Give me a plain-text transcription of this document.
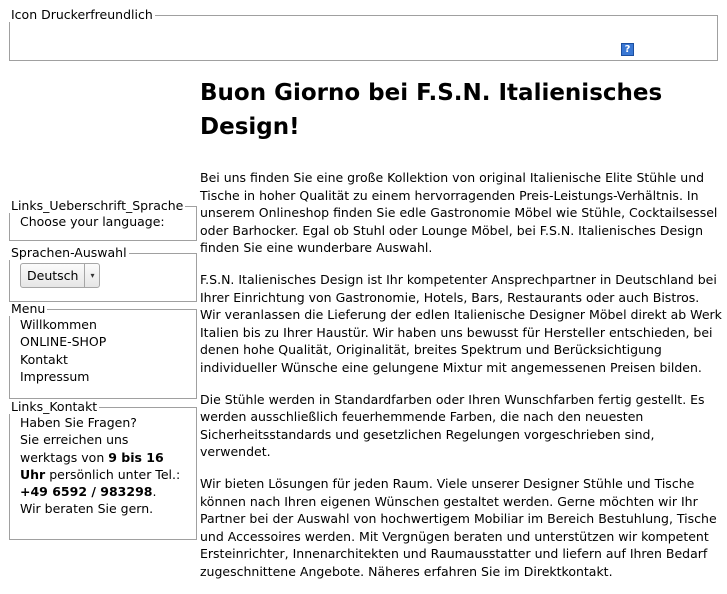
Icon Druckerfreundlich
?
Links_Ueberschrift_Sprache
Choose your language:
Sprachen-Auswahl
Deutsch	▾
Menu
Willkommen
ONLINE-SHOP
Kontakt
Impressum
Links_Kontakt

Haben Sie Fragen?

Sie erreichen uns werktags von 9 bis 16 Uhr persönlich unter Tel.: +49 6592 / 983298.

Wir beraten Sie gern.

Buon Giorno bei F.S.N. Italienisches Design!

Bei uns finden Sie eine große Kollektion von original Italienische Elite Stühle und Tische in hoher Qualität zu einem hervorragenden Preis-Leistungs-Verhältnis. In unserem Onlineshop finden Sie edle Gastronomie Möbel wie Stühle, Cocktailsessel oder Barhocker. Egal ob Stuhl oder Lounge Möbel, bei F.S.N. Italienisches Design finden Sie eine wunderbare Auswahl.

F.S.N. Italienisches Design ist Ihr kompetenter Ansprechpartner in Deutschland bei Ihrer Einrichtung von Gastronomie, Hotels, Bars, Restaurants oder auch Bistros. Wir veranlassen die Lieferung der edlen Italienische Designer Möbel direkt ab Werk Italien bis zu Ihrer Haustür. Wir haben uns bewusst für Hersteller entschieden, bei denen hohe Qualität, Originalität, breites Spektrum und Berücksichtigung individueller Wünsche eine gelungene Mixtur mit angemessenen Preisen bilden.

Die Stühle werden in Standardfarben oder Ihren Wunschfarben fertig gestellt. Es werden ausschließlich feuerhemmende Farben, die nach den neuesten Sicherheitsstandards und gesetzlichen Regelungen vorgeschrieben sind, verwendet.

Wir bieten Lösungen für jeden Raum. Viele unserer Designer Stühle und Tische können nach Ihren eigenen Wünschen gestaltet werden. Gerne möchten wir Ihr Partner bei der Auswahl von hochwertigem Mobiliar im Bereich Bestuhlung, Tische und Accessoires werden. Mit Vergnügen beraten und unterstützen wir kompetent Ersteinrichter, Innenarchitekten und Raumausstatter und liefern auf Ihren Bedarf zugeschnittene Angebote. Näheres erfahren Sie im Direktkontakt.
